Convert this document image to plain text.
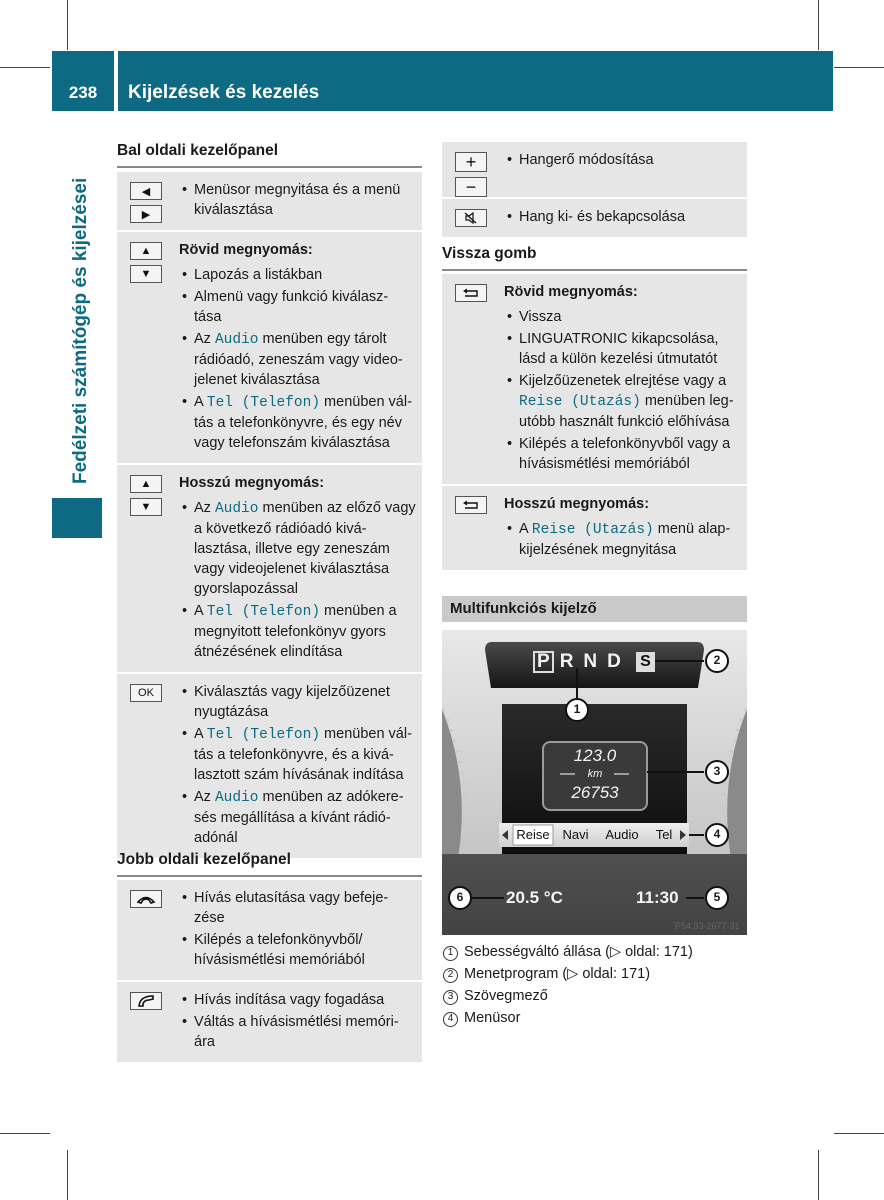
238	Kijelzések és kezelés
Fedélzeti számítógép és kijelzései
Bal oldali kezelőpanel
◀
▶
• Menüsor megnyitása és a menü kiválasztása
▲
▼
Rövid megnyomás:
• Lapozás a listákban
• Almenü vagy funkció kiválasz- tása
• Az Audio menüben egy tárolt rádióadó, zeneszám vagy video- jelenet kiválasztása
• A Tel (Telefon) menüben vál- tás a telefonkönyvre, és egy név vagy telefonszám kiválasztása
▲
▼
Hosszú megnyomás:
• Az Audio menüben az előző vagy a következő rádióadó kivá- lasztása, illetve egy zeneszám vagy videojelenet kiválasztása gyorslapozással
• A Tel (Telefon) menüben a megnyitott telefonkönyv gyors átnézésének elindítása
OK
•	Kiválasztás vagy kijelzőüzenet nyugtázása
• A Tel (Telefon) menüben vál- tás a telefonkönyvre, és a kivá- lasztott szám hívásának indítása
• Az Audio menüben az adókere- sés megállítása a kívánt rádió- adónál
Jobb oldali kezelőpanel
• Hívás elutasítása vagy befeje- zése
• Kilépés a telefonkönyvből/ hívásismétlési memóriából
• Hívás indítása vagy fogadása
• Váltás a hívásismétlési memóri- ára
+
−
• Hangerő módosítása
• Hang ki- és bekapcsolása
Vissza gomb
Rövid megnyomás:
• Vissza
• LINGUATRONIC kikapcsolása, lásd a külön kezelési útmutatót
• Kijelzőüzenetek elrejtése vagy a Reise (Utazás) menüben leg- utóbb használt funkció előhívása
• Kilépés a telefonkönyvből vagy a hívásismétlési memóriából
Hosszú megnyomás:
• A Reise (Utazás) menü alap- kijelzésének megnyitása
Multifunkciós kijelző
P R N D S
123.0
km
26753
Reise Navi	Audio	Tel
20.5 °C	11:30
P54.33-2677-31
1
2
3
4
5
6
1 Sebességváltó állása (▷ oldal: 171)
2 Menetprogram (▷ oldal: 171)
3 Szövegmező
4 Menüsor
